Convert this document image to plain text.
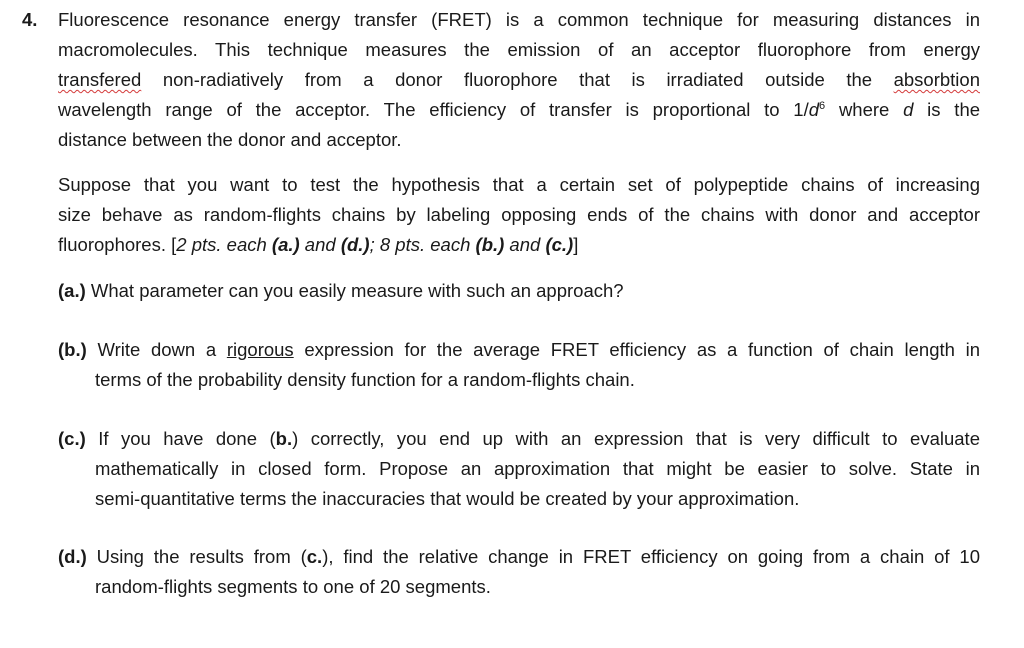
4. Fluorescence resonance energy transfer (FRET) is a common technique for measuring distances in
macromolecules. This technique measures the emission of an acceptor fluorophore from energy
transfered non-radiatively from a donor fluorophore that is irradiated outside the absorbtion
wavelength range of the acceptor. The efficiency of transfer is proportional to $1/d^6$ where d is the
distance between the donor and acceptor.
Suppose that you want to test the hypothesis that a certain set of polypeptide chains of increasing
size behave as random-flights chains by labeling opposing ends of the chains with donor and acceptor
fluorophores. [2 pts. each (a.) and (d.); 8 pts. each (b.) and (c.)]
(a.) What parameter can you easily measure with such an approach?
(b.) Write down a rigorous expression for the average FRET efficiency as a function of chain length in
terms of the probability density function for a random-flights chain.
(c.) If you have done (b.) correctly, you end up with an expression that is very difficult to evaluate
mathematically in closed form. Propose an approximation that might be easier to solve. State in
semi-quantitative terms the inaccuracies that would be created by your approximation.
(d.) Using the results from (c.), find the relative change in FRET efficiency on going from a chain of 10
random-flights segments to one of 20 segments.
